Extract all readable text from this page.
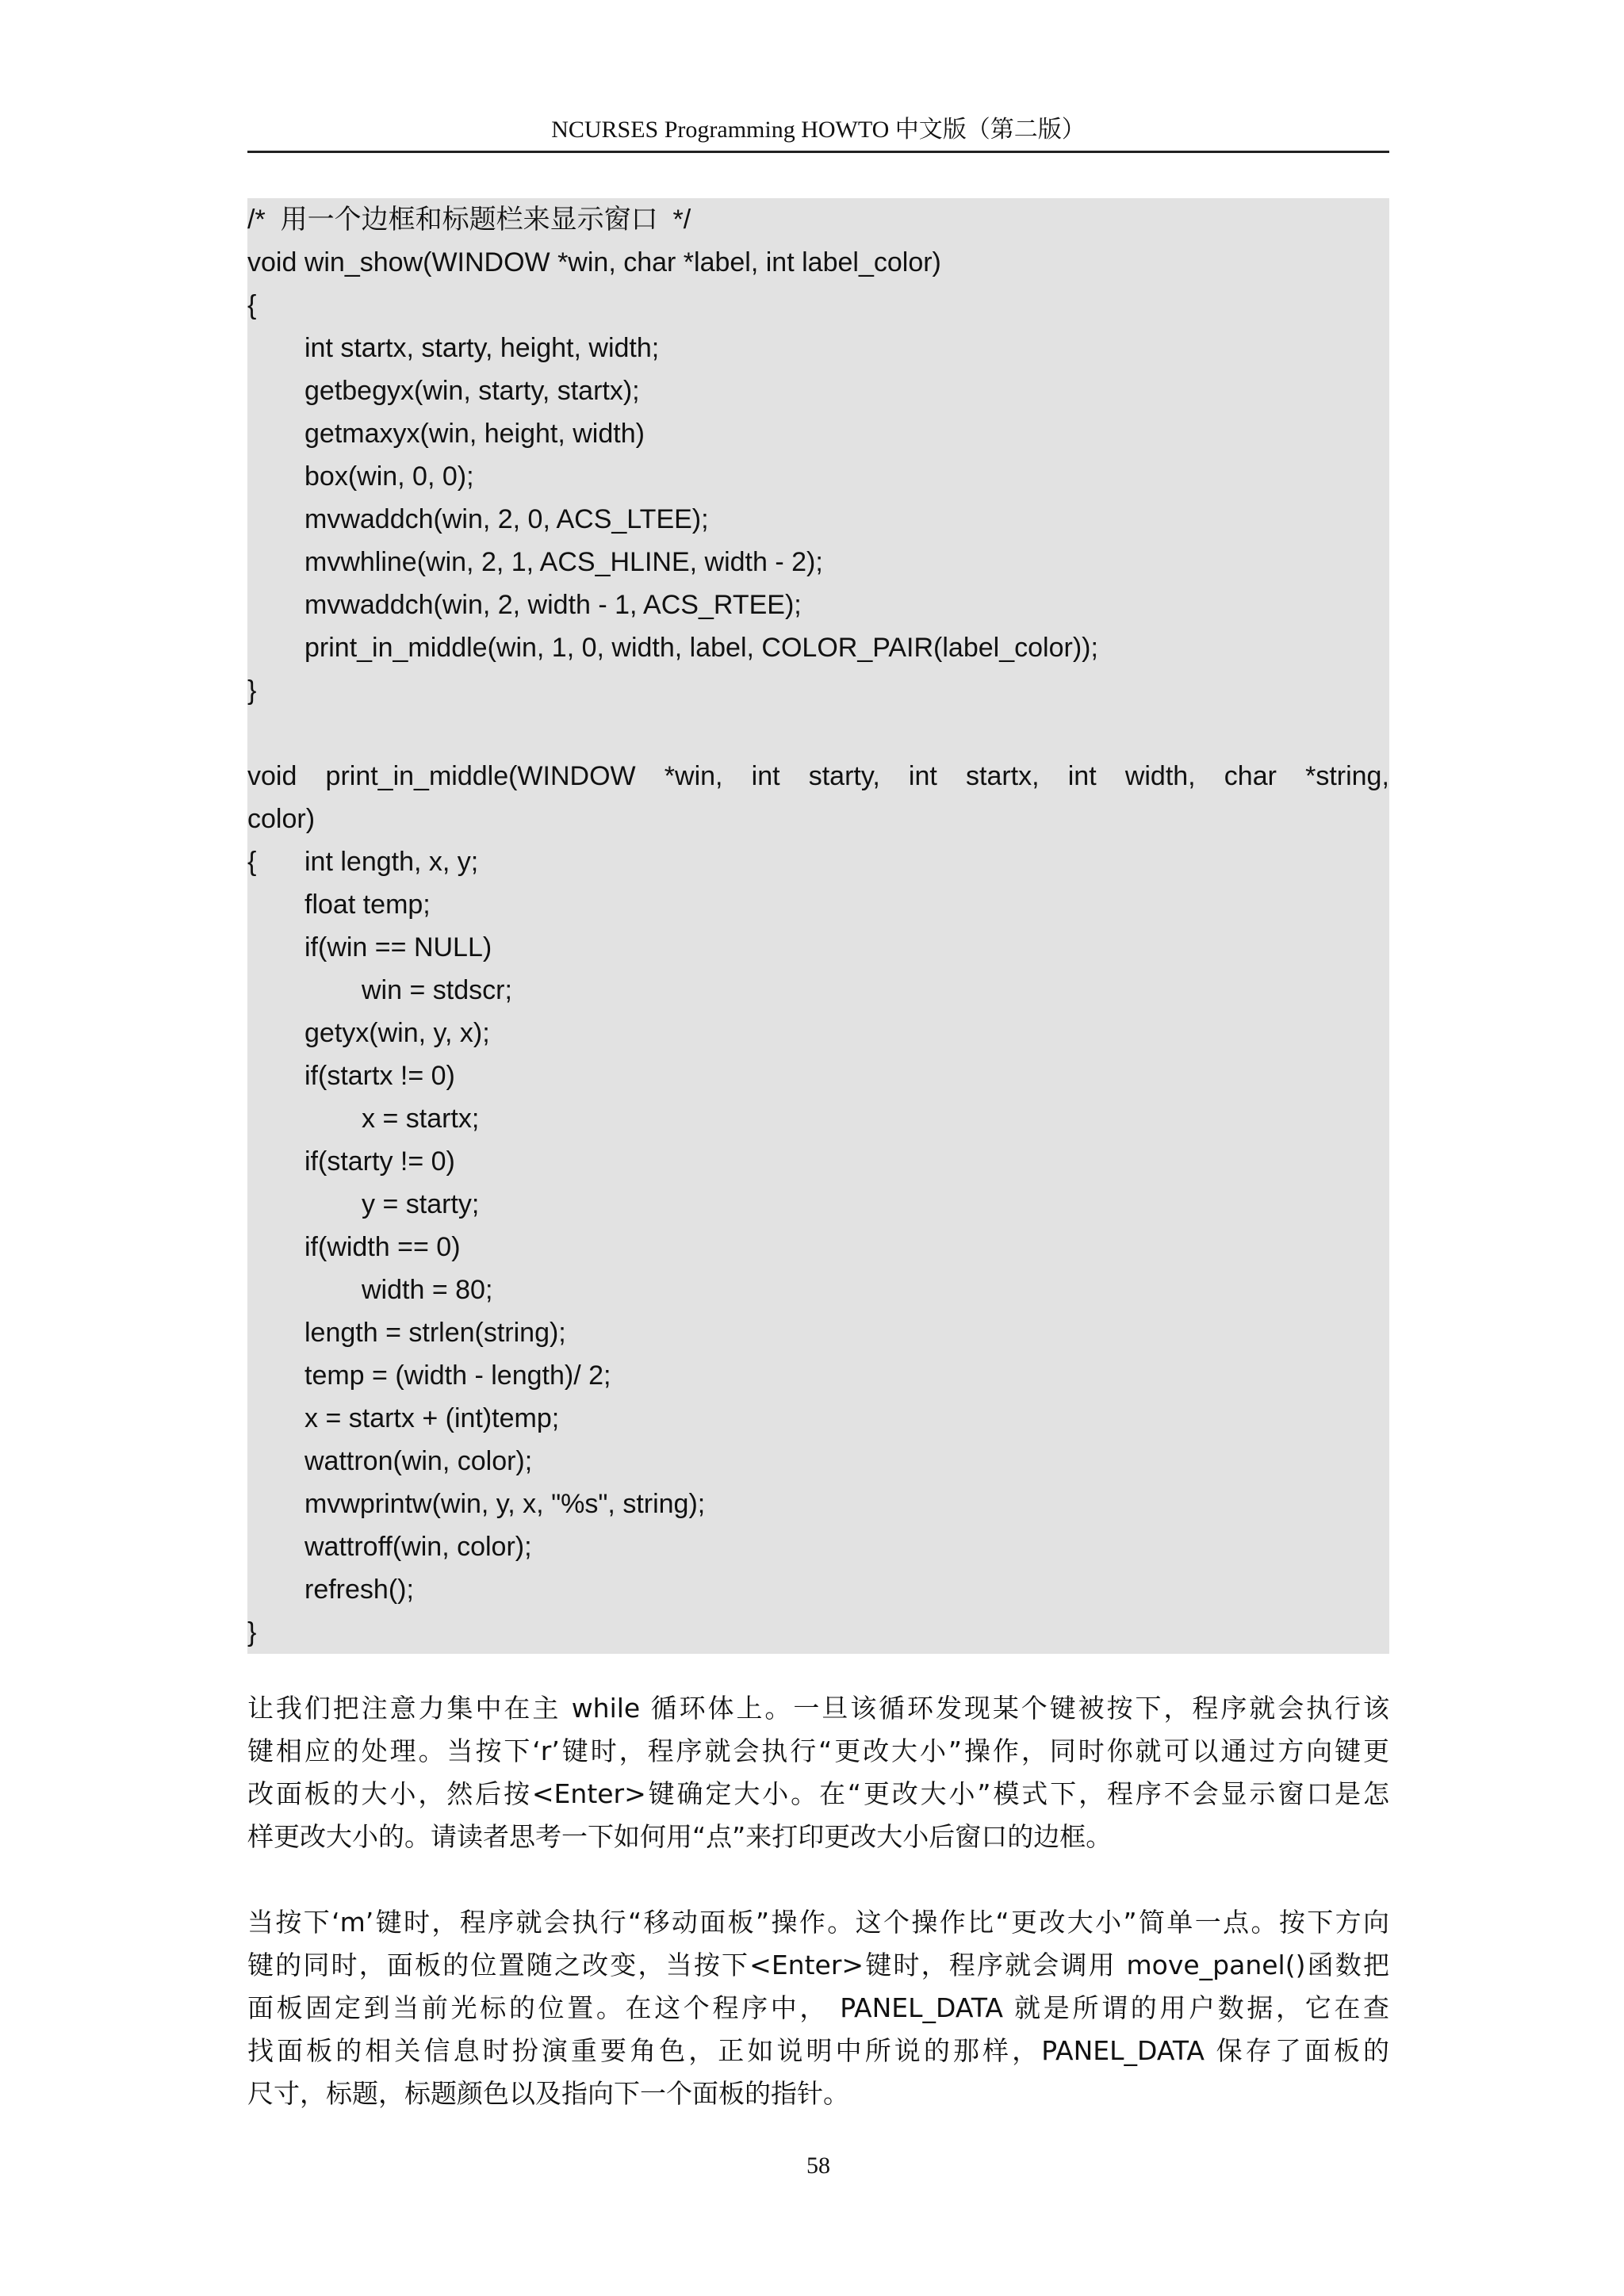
NCURSES Programming HOWTO 中文版（第二版）
/*  用一个边框和标题栏来显示窗口  */
void win_show(WINDOW *win, char *label, int label_color)
{
int startx, starty, height, width;
getbegyx(win, starty, startx);
getmaxyx(win, height, width)
box(win, 0, 0);
mvwaddch(win, 2, 0, ACS_LTEE);
mvwhline(win, 2, 1, ACS_HLINE, width - 2);
mvwaddch(win, 2, width - 1, ACS_RTEE);
print_in_middle(win, 1, 0, width, label, COLOR_PAIR(label_color));
}
void print_in_middle(WINDOW *win, int starty, int startx, int width, char *string,
color)
{ int length, x, y;
float temp;
if(win == NULL)
win = stdscr;
getyx(win, y, x);
if(startx != 0)
x = startx;
if(starty != 0)
y = starty;
if(width == 0)
width = 80;
length = strlen(string);
temp = (width - length)/ 2;
x = startx + (int)temp;
wattron(win, color);
mvwprintw(win, y, x, "%s", string);
wattroff(win, color);
refresh();
}
让我们把注意力集中在主 while 循环体上。一旦该循环发现某个键被按下，程序就会执行该
键相应的处理。当按下‘r’键时，程序就会执行“更改大小”操作，同时你就可以通过方向键更
改面板的大小，然后按<Enter>键确定大小。在“更改大小”模式下，程序不会显示窗口是怎
样更改大小的。请读者思考一下如何用“点”来打印更改大小后窗口的边框。
当按下‘m’键时，程序就会执行“移动面板”操作。这个操作比“更改大小”简单一点。按下方向
键的同时，面板的位置随之改变，当按下<Enter>键时，程序就会调用 move_panel()函数把
面板固定到当前光标的位置。在这个程序中， PANEL_DATA 就是所谓的用户数据，它在查
找面板的相关信息时扮演重要角色，正如说明中所说的那样，PANEL_DATA 保存了面板的
尺寸，标题，标题颜色以及指向下一个面板的指针。
58
